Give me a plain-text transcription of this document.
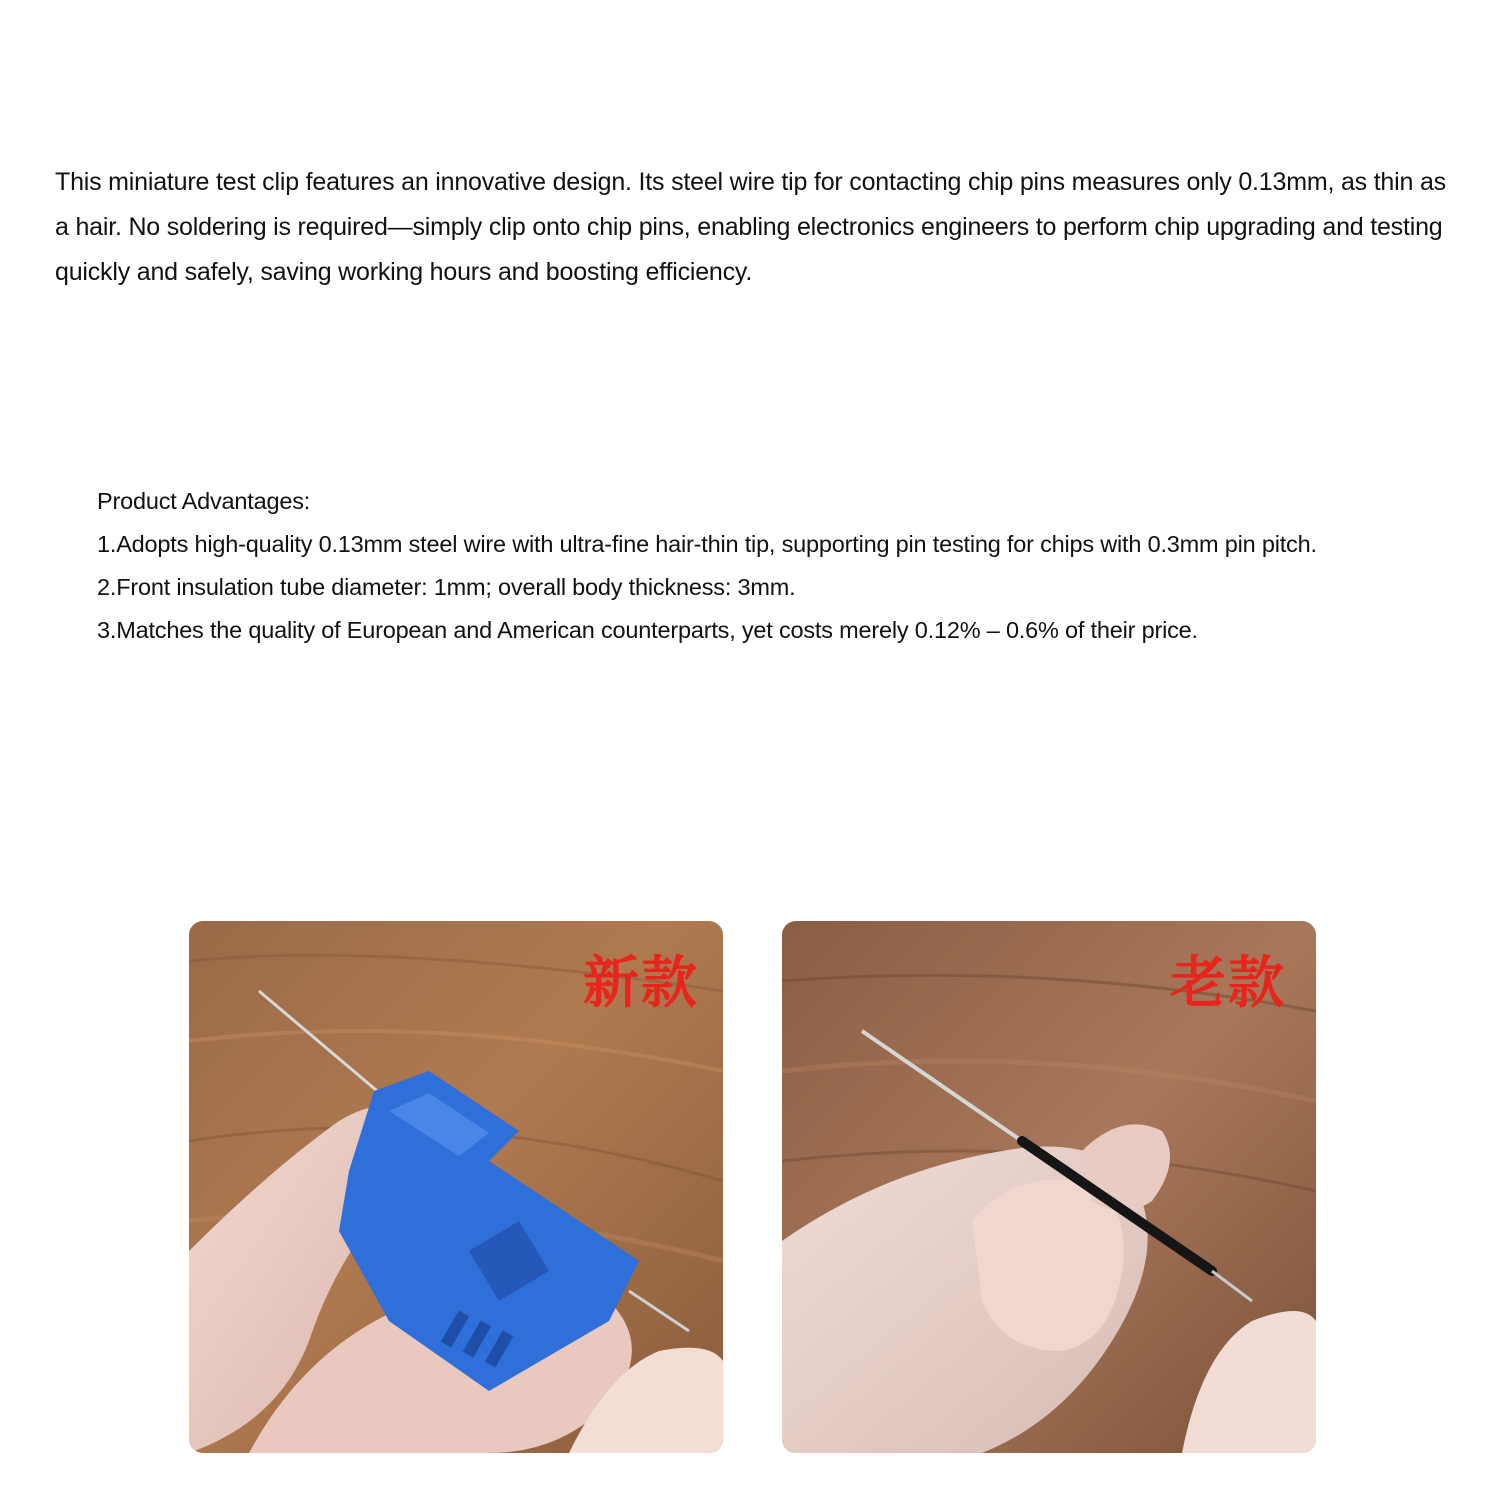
This miniature test clip features an innovative design. Its steel wire tip for contacting chip pins measures only 0.13mm, as thin as a hair. No soldering is required—simply clip onto chip pins, enabling electronics engineers to perform chip upgrading and testing quickly and safely, saving working hours and boosting efficiency.
Product Advantages:
1.Adopts high-quality 0.13mm steel wire with ultra-fine hair-thin tip, supporting pin testing for chips with 0.3mm pin pitch.
2.Front insulation tube diameter: 1mm; overall body thickness: 3mm.
3.Matches the quality of European and American counterparts, yet costs merely 0.12% – 0.6% of their price.
新款	老款
